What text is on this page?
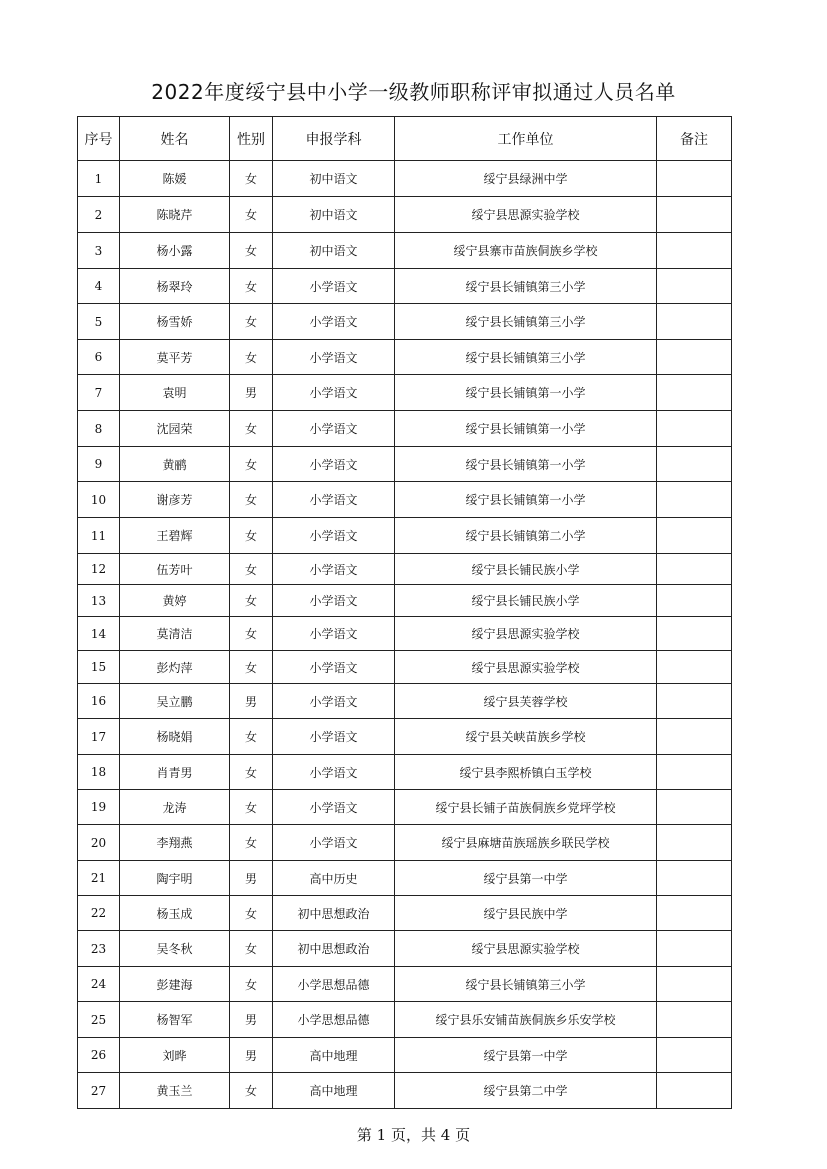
2022年度绥宁县中小学一级教师职称评审拟通过人员名单
序号	姓名	性别	申报学科	工作单位	备注
1	陈媛	女	初中语文	绥宁县绿洲中学	
2	陈晓芹	女	初中语文	绥宁县思源实验学校	
3	杨小露	女	初中语文	绥宁县寨市苗族侗族乡学校	
4	杨翠玲	女	小学语文	绥宁县长铺镇第三小学	
5	杨雪娇	女	小学语文	绥宁县长铺镇第三小学	
6	莫平芳	女	小学语文	绥宁县长铺镇第三小学	
7	袁明	男	小学语文	绥宁县长铺镇第一小学	
8	沈园荣	女	小学语文	绥宁县长铺镇第一小学	
9	黄鹂	女	小学语文	绥宁县长铺镇第一小学	
10	谢彦芳	女	小学语文	绥宁县长铺镇第一小学	
11	王碧辉	女	小学语文	绥宁县长铺镇第二小学	
12	伍芳叶	女	小学语文	绥宁县长铺民族小学	
13	黄婷	女	小学语文	绥宁县长铺民族小学	
14	莫清洁	女	小学语文	绥宁县思源实验学校	
15	彭灼萍	女	小学语文	绥宁县思源实验学校	
16	吴立鹏	男	小学语文	绥宁县芙蓉学校	
17	杨晓娟	女	小学语文	绥宁县关峡苗族乡学校	
18	肖青男	女	小学语文	绥宁县李熙桥镇白玉学校	
19	龙涛	女	小学语文	绥宁县长铺子苗族侗族乡党坪学校	
20	李翔燕	女	小学语文	绥宁县麻塘苗族瑶族乡联民学校	
21	陶宇明	男	高中历史	绥宁县第一中学	
22	杨玉成	女	初中思想政治	绥宁县民族中学	
23	吴冬秋	女	初中思想政治	绥宁县思源实验学校	
24	彭建海	女	小学思想品德	绥宁县长铺镇第三小学	
25	杨智军	男	小学思想品德	绥宁县乐安铺苗族侗族乡乐安学校	
26	刘晔	男	高中地理	绥宁县第一中学	
27	黄玉兰	女	高中地理	绥宁县第二中学	
第 1 页，共 4 页
